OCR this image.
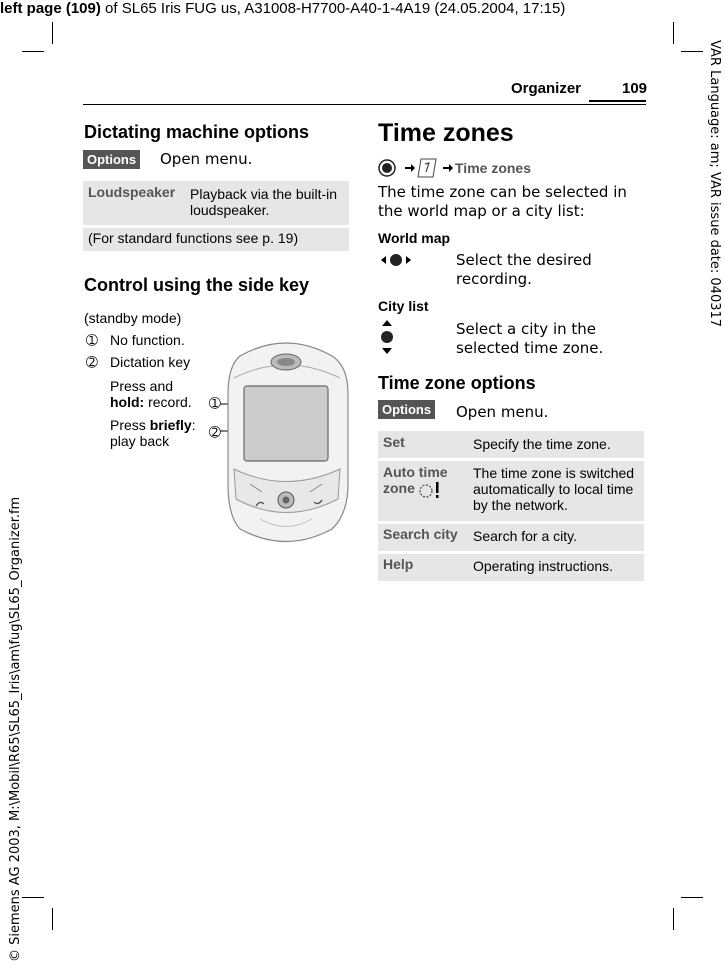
left page (109) of SL65 Iris FUG us, A31008-H7700-A40-1-4A19 (24.05.2004, 17:15)
VAR Language: am; VAR issue date: 040317
© Siemens AG 2003, M:\Mobil\R65\SL65_Iris\am\fug\SL65_Organizer.fm
Organizer	109
Dictating machine options
Options Open menu.
Loudspeaker Playback via the built-in loudspeaker.
(For standard functions see p. 19)
Control using the side key
(standby mode)
➀ No function.
➁ Dictation key
Press and
hold: record.
Press briefly:
play back
➀
➁
Time zones
Time zones
The time zone can be selected in the world map or a city list:
World map
Select the desired recording.
City list
Select a city in the selected time zone.
Time zone options
Options Open menu.
Set	Specify the time zone.
Auto time zone
The time zone is switched automatically to local time by the network.
Search city Search for a city.
Help	Operating instructions.
